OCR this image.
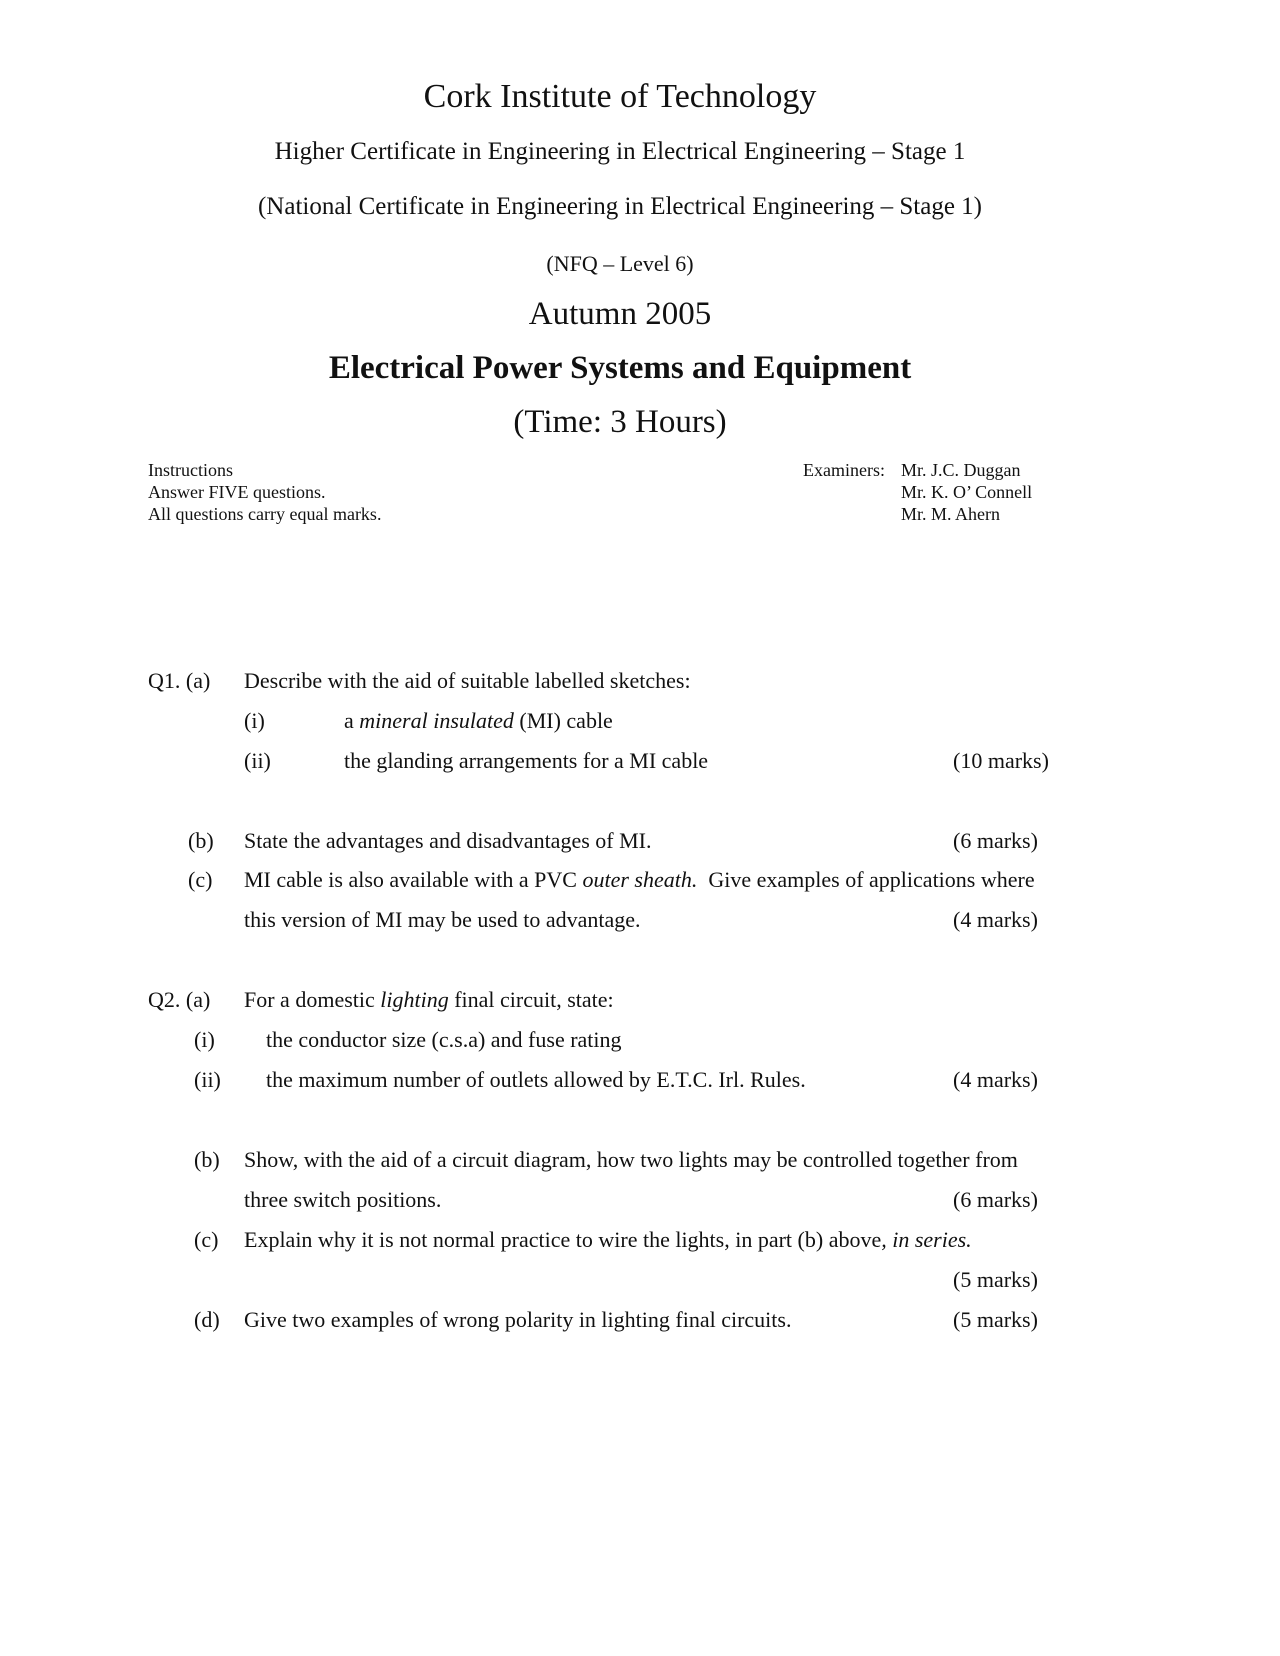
Cork Institute of Technology
Higher Certificate in Engineering in Electrical Engineering – Stage 1
(National Certificate in Engineering in Electrical Engineering – Stage 1)
(NFQ – Level 6)
Autumn 2005
Electrical Power Systems and Equipment
(Time: 3 Hours)
Instructions
Answer FIVE questions.
All questions carry equal marks.
Examiners: Mr. J.C. Duggan
Mr. K. O’ Connell
Mr. M. Ahern
Q1. (a) Describe with the aid of suitable labelled sketches:
(i)	a mineral insulated (MI) cable
(ii)	the glanding arrangements for a MI cable	(10 marks)
(b) State the advantages and disadvantages of MI.	(6 marks)
(c) MI cable is also available with a PVC outer sheath.  Give examples of applications where
this version of MI may be used to advantage.	(4 marks)
Q2. (a) For a domestic lighting final circuit, state:
(i) the conductor size (c.s.a) and fuse rating
(ii) the maximum number of outlets allowed by E.T.C. Irl. Rules.	(4 marks)
(b) Show, with the aid of a circuit diagram, how two lights may be controlled together from
three switch positions.	(6 marks)
(c) Explain why it is not normal practice to wire the lights, in part (b) above, in series.
(5 marks)
(d) Give two examples of wrong polarity in lighting final circuits.	(5 marks)
